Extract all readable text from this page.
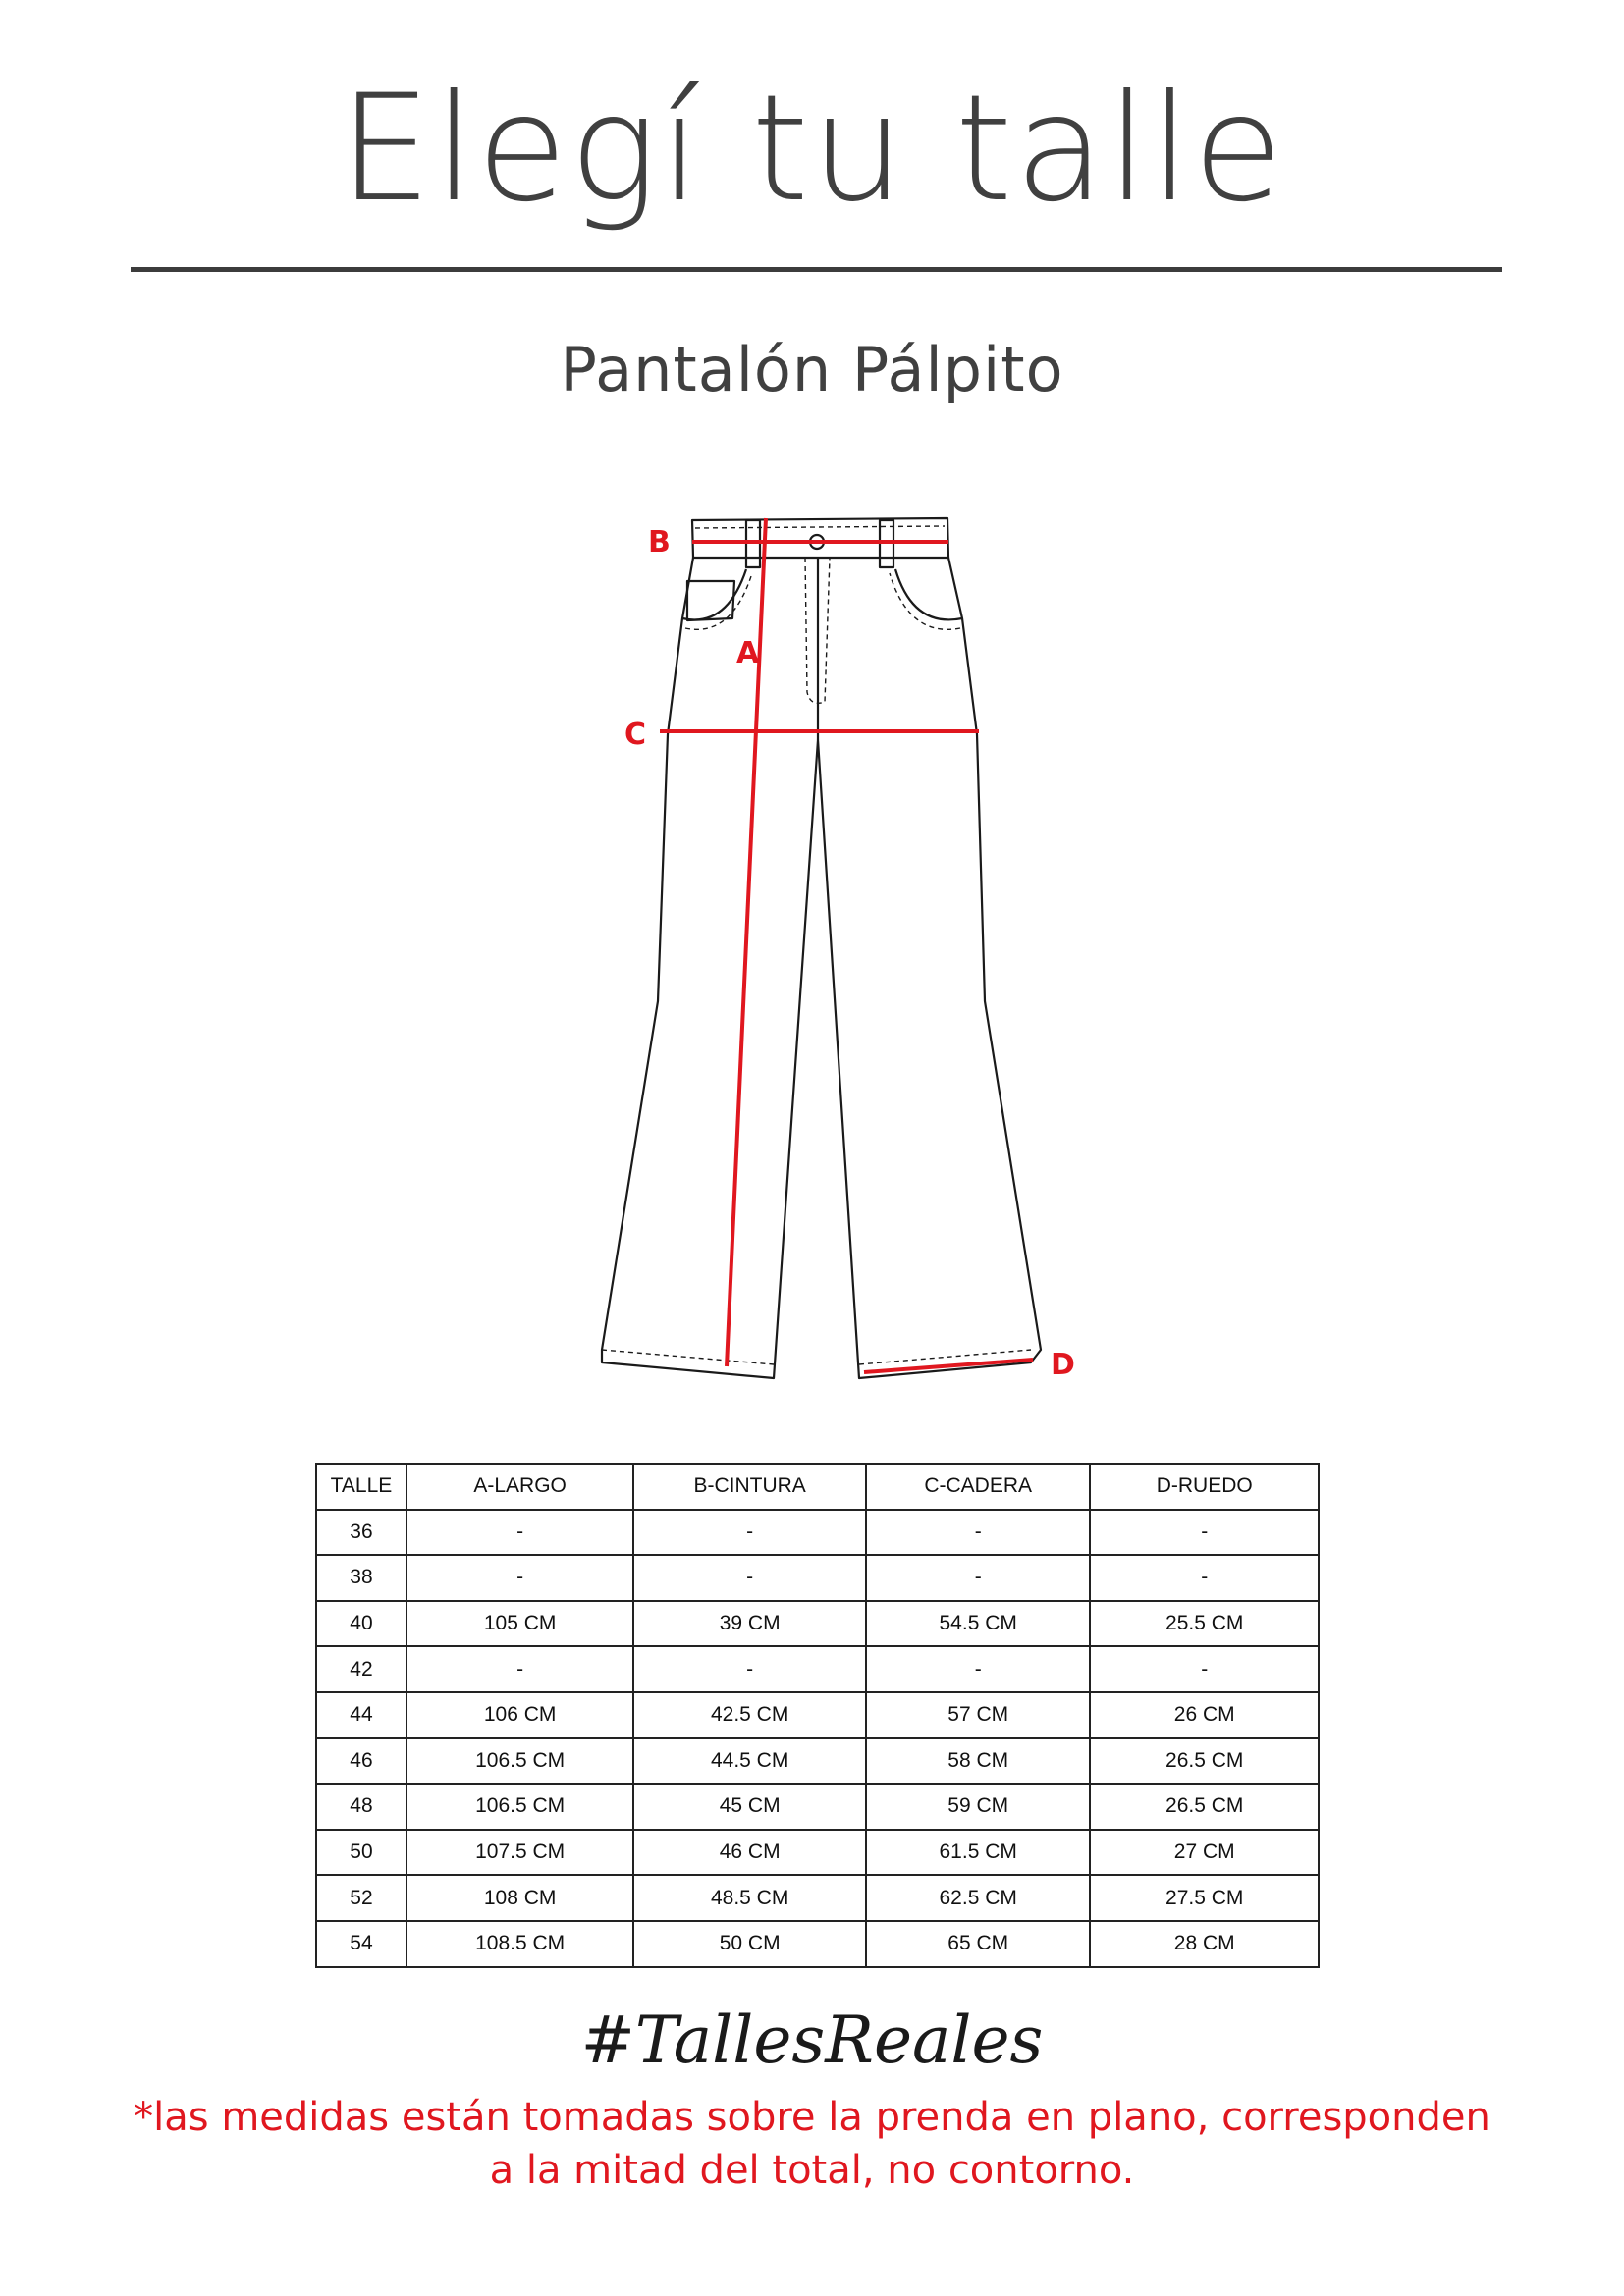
Elegí tu talle
Pantalón Pálpito
B
A
C
D
TALLE	A-LARGO	B-CINTURA	C-CADERA	D-RUEDO
36	-	-	-	-
38	-	-	-	-
40	105 CM	39 CM	54.5 CM	25.5 CM
42	-	-	-	-
44	106 CM	42.5 CM	57 CM	26 CM
46	106.5 CM	44.5 CM	58 CM	26.5 CM
48	106.5 CM	45 CM	59 CM	26.5 CM
50	107.5 CM	46 CM	61.5 CM	27 CM
52	108 CM	48.5 CM	62.5 CM	27.5 CM
54	108.5 CM	50 CM	65 CM	28 CM
#TallesReales
*las medidas están tomadas sobre la prenda en plano, corresponden
a la mitad del total, no contorno.
